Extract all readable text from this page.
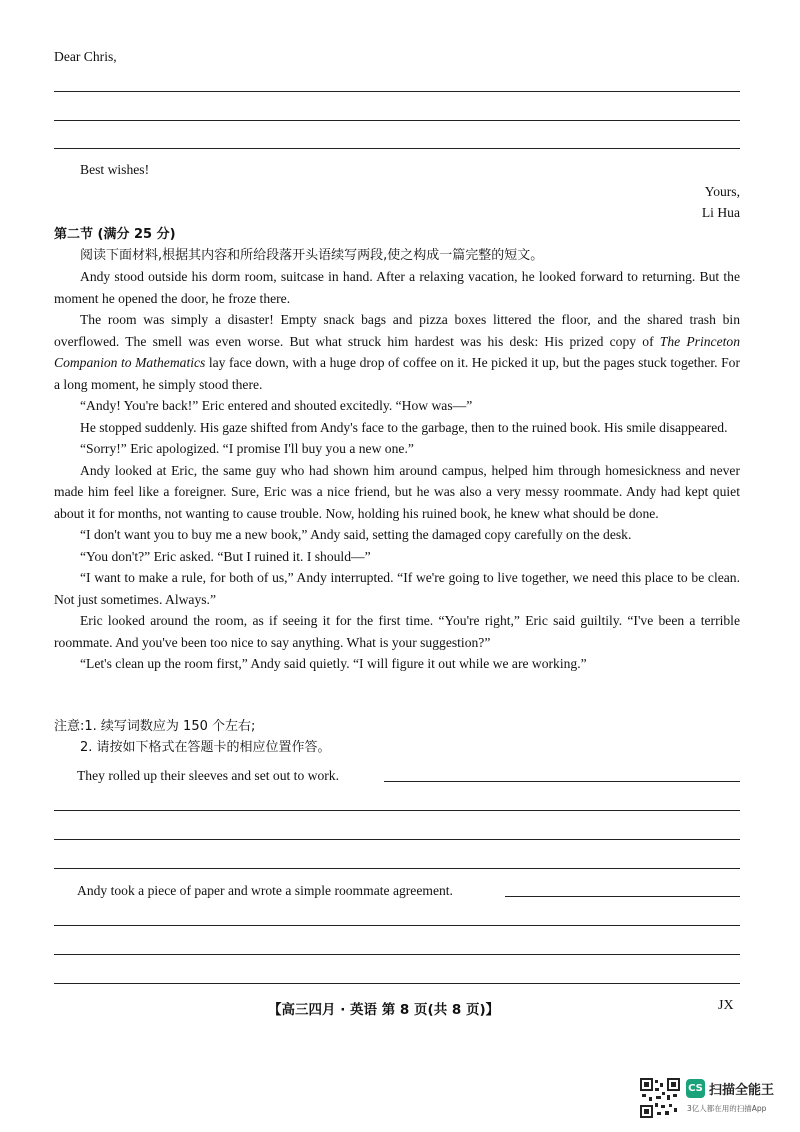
Dear Chris,
Best wishes!
Yours,
Li Hua
第二节 (满分 25 分)
阅读下面材料,根据其内容和所给段落开头语续写两段,使之构成一篇完整的短文。

Andy stood outside his dorm room, suitcase in hand. After a relaxing vacation, he looked forward to returning. But the moment he opened the door, he froze there.

The room was simply a disaster! Empty snack bags and pizza boxes littered the floor, and the shared trash bin overflowed. The smell was even worse. But what struck him hardest was his desk: His prized copy of The Princeton Companion to Mathematics lay face down, with a huge drop of coffee on it. He picked it up, but the pages stuck together. For a long moment, he simply stood there.

“Andy! You're back!” Eric entered and shouted excitedly. “How was—”

He stopped suddenly. His gaze shifted from Andy's face to the garbage, then to the ruined book. His smile disappeared.

“Sorry!” Eric apologized. “I promise I'll buy you a new one.”

Andy looked at Eric, the same guy who had shown him around campus, helped him through homesickness and never made him feel like a foreigner. Sure, Eric was a nice friend, but he was also a very messy roommate. Andy had kept quiet about it for months, not wanting to cause trouble. Now, holding his ruined book, he knew what should be done.

“I don't want you to buy me a new book,” Andy said, setting the damaged copy carefully on the desk.

“You don't?” Eric asked. “But I ruined it. I should—”

“I want to make a rule, for both of us,” Andy interrupted. “If we're going to live together, we need this place to be clean. Not just sometimes. Always.”

Eric looked around the room, as if seeing it for the first time. “You're right,” Eric said guiltily. “I've been a terrible roommate. And you've been too nice to say anything. What is your suggestion?”

“Let's clean up the room first,” Andy said quietly. “I will figure it out while we are working.”

注意:1. 续写词数应为 150 个左右;
2. 请按如下格式在答题卡的相应位置作答。
They rolled up their sleeves and set out to work.
Andy took a piece of paper and wrote a simple roommate agreement.
【高三四月 · 英语 第 8 页(共 8 页)】	JX
CS 扫描全能王
3亿人都在用的扫描App
